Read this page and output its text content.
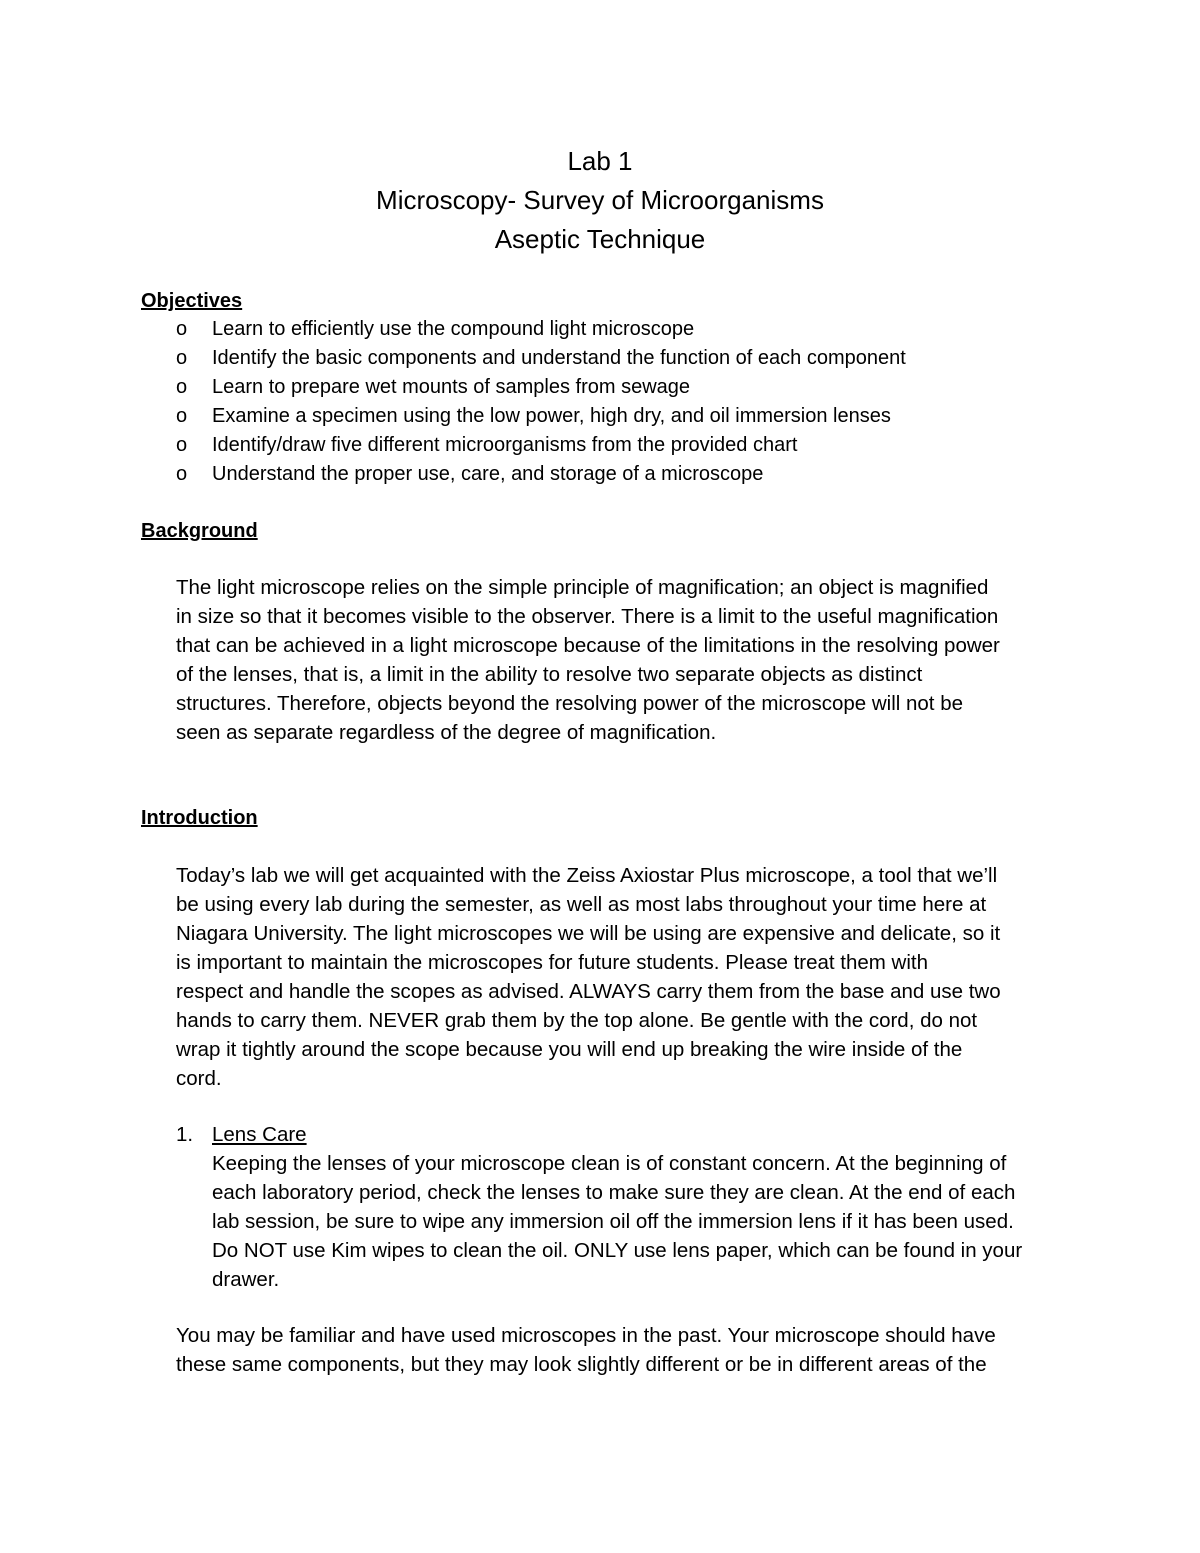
Lab 1
Microscopy- Survey of Microorganisms
Aseptic Technique
Objectives
o Learn to efficiently use the compound light microscope
o Identify the basic components and understand the function of each component
o Learn to prepare wet mounts of samples from sewage
o Examine a specimen using the low power, high dry, and oil immersion lenses
o Identify/draw five different microorganisms from the provided chart
o Understand the proper use, care, and storage of a microscope
Background
The light microscope relies on the simple principle of magnification; an object is magnified
in size so that it becomes visible to the observer. There is a limit to the useful magnification
that can be achieved in a light microscope because of the limitations in the resolving power
of the lenses, that is, a limit in the ability to resolve two separate objects as distinct
structures. Therefore, objects beyond the resolving power of the microscope will not be
seen as separate regardless of the degree of magnification.
Introduction
Today’s lab we will get acquainted with the Zeiss Axiostar Plus microscope, a tool that we’ll
be using every lab during the semester, as well as most labs throughout your time here at
Niagara University. The light microscopes we will be using are expensive and delicate, so it
is important to maintain the microscopes for future students. Please treat them with
respect and handle the scopes as advised. ALWAYS carry them from the base and use two
hands to carry them. NEVER grab them by the top alone. Be gentle with the cord, do not
wrap it tightly around the scope because you will end up breaking the wire inside of the
cord.
1. Lens Care
Keeping the lenses of your microscope clean is of constant concern. At the beginning of
each laboratory period, check the lenses to make sure they are clean. At the end of each
lab session, be sure to wipe any immersion oil off the immersion lens if it has been used.
Do NOT use Kim wipes to clean the oil. ONLY use lens paper, which can be found in your
drawer.
You may be familiar and have used microscopes in the past. Your microscope should have
these same components, but they may look slightly different or be in different areas of the
